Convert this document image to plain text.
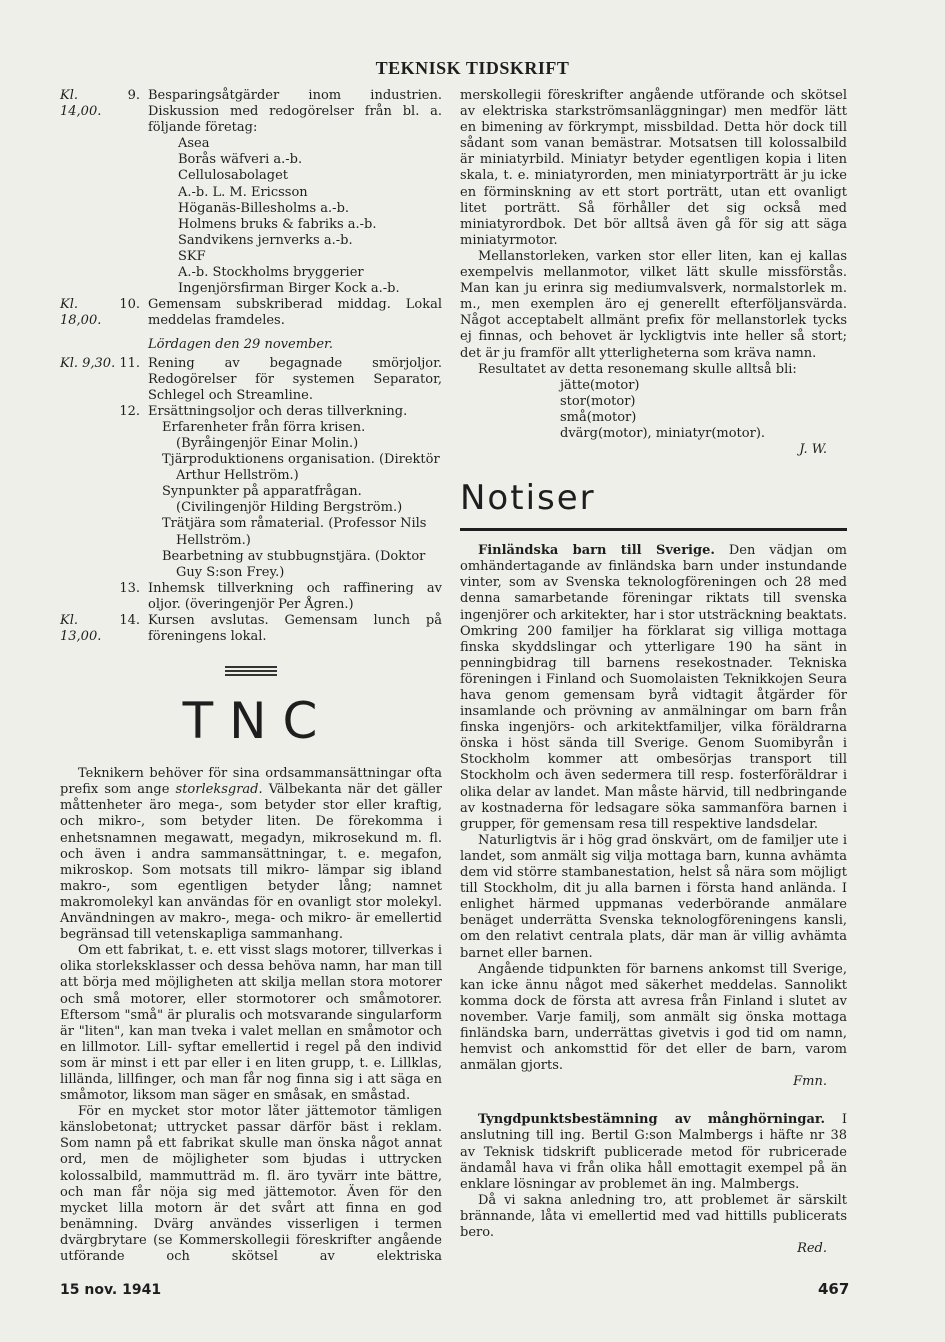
TEKNISK TIDSKRIFT
Kl. 14,00.
9. Besparingsåtgärder inom industrien. Diskussion med redogörelser från bl. a. följande företag:
Asea
Borås wäfveri a.-b.
Cellulosabolaget
A.-b. L. M. Ericsson
Höganäs-Billesholms a.-b.
Holmens bruks & fabriks a.-b.
Sandvikens jernverks a.-b.
SKF
A.-b. Stockholms bryggerier
Ingenjörsfirman Birger Kock a.-b.
Kl. 18,00.
10. Gemensam subskriberad middag. Lokal meddelas framdeles.
Lördagen den 29 november.
Kl. 9,30. 11. Rening av begagnade smörjoljor. Redogörelser för systemen Separator, Schlegel och Streamline.
12. Ersättningsoljor och deras tillverkning.
Erfarenheter från förra krisen. (Byråingenjör Einar Molin.)
Tjärproduktionens organisation. (Direktör Arthur Hellström.)
Synpunkter på apparatfrågan. (Civilingenjör Hilding Bergström.)
Trätjära som råmaterial. (Professor Nils Hellström.)
Bearbetning av stubbugnstjära. (Doktor Guy S:son Frey.)
13. Inhemsk tillverkning och raffinering av oljor. (överingenjör Per Ågren.)
Kl. 13,00.
14. Kursen avslutas. Gemensam lunch på föreningens lokal.
TNC

Teknikern behöver för sina ordsammansättningar ofta prefix som ange storleksgrad. Välbekanta när det gäller måttenheter äro mega-, som betyder stor eller kraftig, och mikro-, som betyder liten. De förekomma i enhetsnamnen megawatt, megadyn, mikrosekund m. fl. och även i andra sammansättningar, t. e. megafon, mikroskop. Som motsats till mikro- lämpar sig ibland makro-, som egentligen betyder lång; namnet makromolekyl kan användas för en ovanligt stor molekyl. Användningen av makro-, mega- och mikro- är emellertid begränsad till vetenskapliga sammanhang.

Om ett fabrikat, t. e. ett visst slags motorer, tillverkas i olika storleksklasser och dessa behöva namn, har man till att börja med möjligheten att skilja mellan stora motorer och små motorer, eller stormotorer och småmotorer. Eftersom "små" är pluralis och motsvarande singularform är "liten", kan man tveka i valet mellan en småmotor och en lillmotor. Lill- syftar emellertid i regel på den individ som är minst i ett par eller i en liten grupp, t. e. Lillklas, lilländа, lillfinger, och man får nog finna sig i att säga en småmotor, liksom man säger en småsak, en småstad.

För en mycket stor motor låter jättemotor tämligen känslobetonat; uttrycket passar därför bäst i reklam. Som namn på ett fabrikat skulle man önska något annat ord, men de möjligheter som bjudas i uttrycken kolossalbild, mammutträd m. fl. äro tyvärr inte bättre, och man får nöja sig med jättemotor. Även för den mycket lilla motorn är det svårt att finna en god benämning. Dvärg användes visserligen i termen dvärgbrytare (se Kommerskollegii föreskrifter angående utförande och skötsel av elektriska

merskollegii föreskrifter angående utförande och skötsel av elektriska starkströmsanläggningar) men medför lätt en bimening av förkrympt, missbildad. Detta hör dock till sådant som vanan bemästrar. Motsatsen till kolossalbild är miniatyrbild. Miniatyr betyder egentligen kopia i liten skala, t. e. miniatyrorden, men miniatyrporträtt är ju icke en förminskning av ett stort porträtt, utan ett ovanligt litet porträtt. Så förhåller det sig också med miniatyrordbok. Det bör alltså även gå för sig att säga miniatyrmotor.

Mellanstorleken, varken stor eller liten, kan ej kallas exempelvis mellanmotor, vilket lätt skulle missförstås. Man kan ju erinra sig mediumvalsverk, normalstorlek m. m., men exemplen äro ej generellt efterföljansvärda. Något acceptabelt allmänt prefix för mellanstorlek tycks ej finnas, och behovet är lyckligtvis inte heller så stort; det är ju framför allt ytterligheterna som kräva namn.

Resultatet av detta resonemang skulle alltså bli:

jätte(motor)
stor(motor)
små(motor)
dvärg(motor), miniatyr(motor).
J. W.
Notiser

Finländska barn till Sverige. Den vädjan om omhändertagande av finländska barn under instundande vinter, som av Svenska teknologföreningen och 28 med denna samarbetande föreningar riktats till svenska ingenjörer och arkitekter, har i stor utsträckning beaktats. Omkring 200 familjer ha förklarat sig villiga mottaga finska skyddslingar och ytterligare 190 ha sänt in penningbidrag till barnens resekostnader. Tekniska föreningen i Finland och Suomolaisten Teknikkojen Seura hava genom gemensam byrå vidtagit åtgärder för insamlande och prövning av anmälningar om barn från finska ingenjörs- och arkitektfamiljer, vilka föräldrarna önska i höst sända till Sverige. Genom Suomibyrån i Stockholm kommer att ombesörjas transport till Stockholm och även sedermera till resp. fosterföräldrar i olika delar av landet. Man måste härvid, till nedbringande av kostnaderna för ledsagare söka sammanföra barnen i grupper, för gemensam resa till respektive landsdelar.

Naturligtvis är i hög grad önskvärt, om de familjer ute i landet, som anmält sig vilja mottaga barn, kunna avhämta dem vid större stambanestation, helst så nära som möjligt till Stockholm, dit ju alla barnen i första hand anlända. I enlighet härmed uppmanas vederbörande anmälare benäget underrätta Svenska teknologföreningens kansli, om den relativt centrala plats, där man är villig avhämta barnet eller barnen.

Angående tidpunkten för barnens ankomst till Sverige, kan icke ännu något med säkerhet meddelas. Sannolikt komma dock de första att avresa från Finland i slutet av november. Varje familj, som anmält sig önska mottaga finländska barn, underrättas givetvis i god tid om namn, hemvist och ankomsttid för det eller de barn, varom anmälan gjorts.

Fmn.

Tyngdpunktsbestämning av månghörningar. I anslutning till ing. Bertil G:son Malmbergs i häfte nr 38 av Teknisk tidskrift publicerade metod för rubricerade ändamål hava vi från olika håll emottagit exempel på än enklare lösningar av problemet än ing. Malmbergs.

Då vi sakna anledning tro, att problemet är särskilt brännande, låta vi emellertid med vad hittills publicerats bero.

Red.
15 nov. 1941	467
